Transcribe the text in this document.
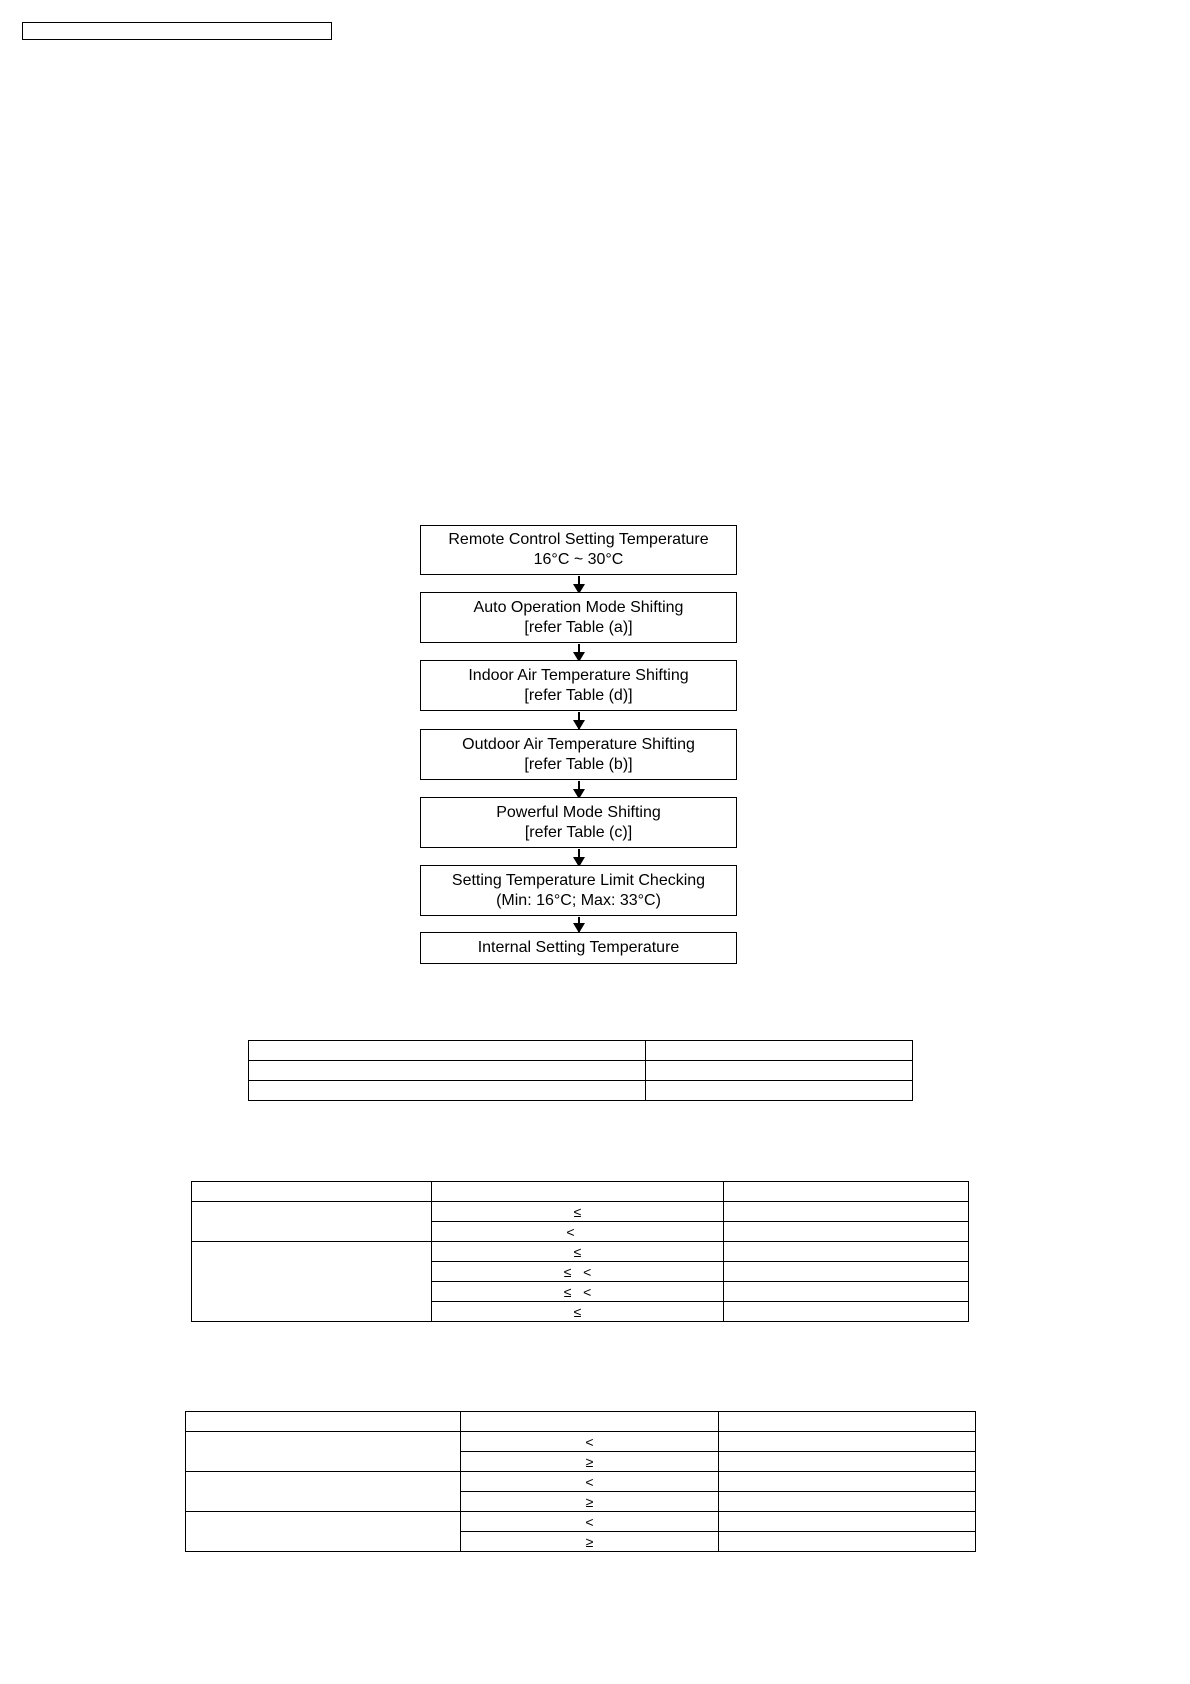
Remote Control Setting Temperature
16°C ~ 30°C
Auto Operation Mode Shifting
[refer Table (a)]
Indoor Air Temperature Shifting
[refer Table (d)]
Outdoor Air Temperature Shifting
[refer Table (b)]
Powerful Mode Shifting
[refer Table (c)]
Setting Temperature Limit Checking
(Min: 16°C; Max: 33°C)
Internal Setting Temperature

	≤	
	<	
	≤	
	≤   <	
	≤   <	
	≤	

	<	
	≥	
	<	
	≥	
	<	
	≥	
